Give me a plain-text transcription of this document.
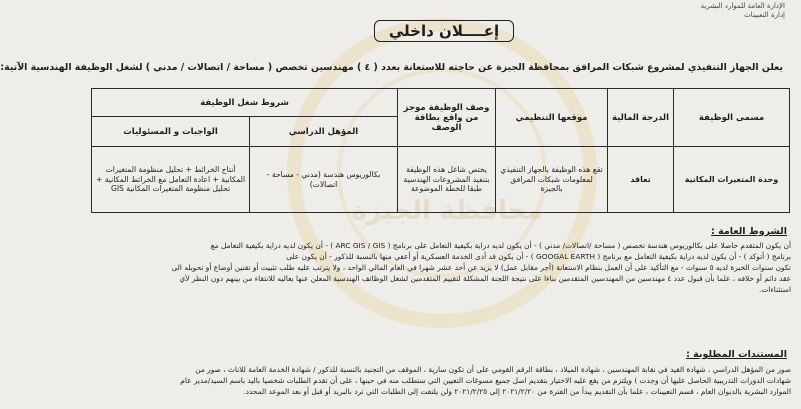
محافظة الجيزة
الإدارة العامة للموارد البشرية
إدارة التعيينات
إعــــلان داخلي
يعلن الجهاز التنفيذي لمشروع شبكات المرافق بمحافظة الجيزة عن حاجته للاستعانة بعدد ( ٤ ) مهندسين تخصص ( مساحة / اتصالات / مدني ) لشغل الوظيفة الهندسية الآتية:
مسمى الوظيفة	الدرجة المالية	موقعها التنظيمي	وصف الوظيفة موجز من واقع بطاقة الوصف	شروط شغل الوظيفة	
				المؤهل الدراسي	الواجبات و المسئوليات
وحدة المتغيرات المكانية	تعاقد	تقع هذه الوظيفة بالجهاز التنفيذي لمعلومات شبكات المرافق بالجيزة	يختص شاغل هذه الوظيفة بتنفيذ المشروعات الهندسية طبقا للخطة الموضوعة	بكالوريوس هندسة (مدني - مساحة - اتصالات)	أنتاج الخرائط + تحليل منظومة المتغيرات المكانية + اعادة التعامل مع الخرائط المكانية + تحليل منظومة المتغيرات المكانية GIS
الشروط العامة :

أن يكون المتقدم حاصلا على بكالوريوس هندسة تخصص ( مساحة /اتصالات/ مدني ) - أن يكون لديه دراية بكيفية التعامل على برنامج ( ARC GIS / GIS ) - أن يكون لديه دراية بكيفية التعامل مع

برنامج ( أتوكد ) - أن يكون لديه دراية بكيفية التعامل مع برنامج ( GOOGAL EARTH ) - أن يكون قد أدى الخدمة العسكرية أو أعفي منها بالنسبة للذكور - أن يكون على

تكون سنوات الخبرة لديه ٥ سنوات - مع التأكيد على أن العمل بنظام الاستعانة (أجر مقابل عمل) لا يزيد عن أحد عشر شهرا في العام المالي الواحد ، ولا يترتب عليه طلب تثبيت أو تقنين أوضاع أو تحويله الى

عقد دائم أو خلافه ، علما بأن قبول عدد ٤ مهندسين من المهندسين المتقدمين بناءا على نتيجة اللجنة المشكلة لتقييم المتقدمين لشغل الوظائف الهندسية المعلن عنها بعاليه للانتقاء من بينهم دون النظر لأي

استثناءات.

المستندات المطلوبة :

صور من المؤهل الدراسي ، شهادة القيد في نقابة المهندسين ، شهادة الميلاد ، بطاقة الرقم القومي على أن تكون سارية ، الموقف من التجنيد بالنسبة للذكور / شهادة الخدمة العامة للاناث ، صور من

شهادات الدورات التدريبية الحاصل عليها أن وجدت ) ويلتزم من يقع عليه الاختيار بتقديم اصل جميع مسوغات التعيين التي ستطلب منه في حينها ، على أن تقدم الطلبات شخصيا باليد باسم السيد/مدير عام

الموارد البشرية بالديوان العام ، قسم التعيينات ، علما بأن التقديم يبدأ من الفترة من ٢٠٢١/٢/٢٠ إلى ٢٠٢١/٢/٢٥ ولن يلتفت إلى الطلبات التي ترد بالبريد أو قبل أو بعد الموعد المحدد.
